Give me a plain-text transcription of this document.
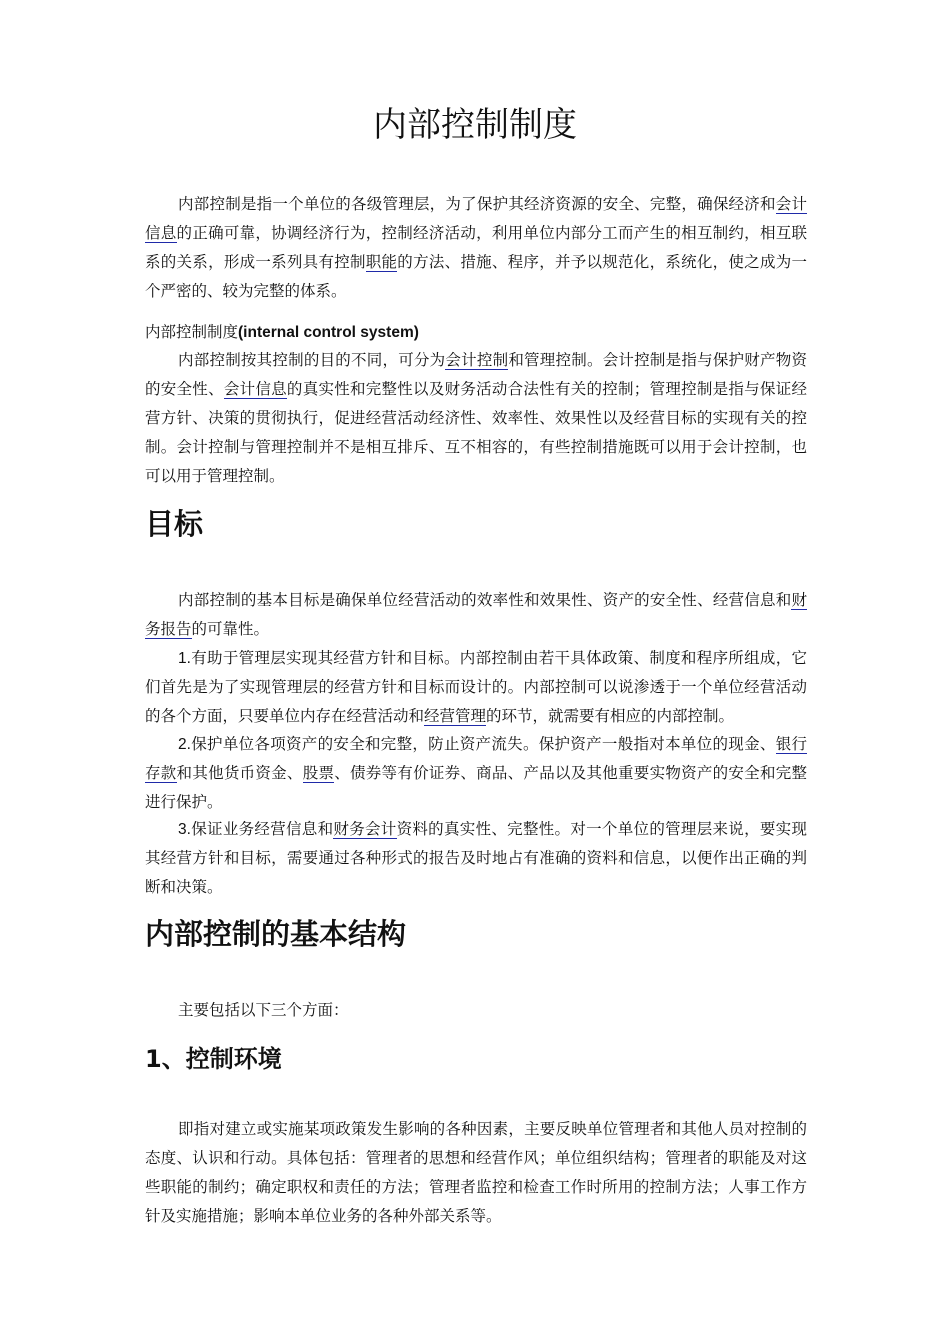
内部控制制度

内部控制是指一个单位的各级管理层，为了保护其经济资源的安全、完整，确保经济和会计信息的正确可靠，协调经济行为，控制经济活动，利用单位内部分工而产生的相互制约，相互联系的关系，形成一系列具有控制职能的方法、措施、程序，并予以规范化，系统化，使之成为一个严密的、较为完整的体系。

内部控制制度(internal control system)

内部控制按其控制的目的不同，可分为会计控制和管理控制。会计控制是指与保护财产物资的安全性、会计信息的真实性和完整性以及财务活动合法性有关的控制；管理控制是指与保证经营方针、决策的贯彻执行，促进经营活动经济性、效率性、效果性以及经营目标的实现有关的控制。会计控制与管理控制并不是相互排斥、互不相容的，有些控制措施既可以用于会计控制，也可以用于管理控制。

目标

内部控制的基本目标是确保单位经营活动的效率性和效果性、资产的安全性、经营信息和财务报告的可靠性。

1.有助于管理层实现其经营方针和目标。内部控制由若干具体政策、制度和程序所组成，它们首先是为了实现管理层的经营方针和目标而设计的。内部控制可以说渗透于一个单位经营活动的各个方面，只要单位内存在经营活动和经营管理的环节，就需要有相应的内部控制。

2.保护单位各项资产的安全和完整，防止资产流失。保护资产一般指对本单位的现金、银行存款和其他货币资金、股票、债券等有价证券、商品、产品以及其他重要实物资产的安全和完整进行保护。

3.保证业务经营信息和财务会计资料的真实性、完整性。对一个单位的管理层来说，要实现其经营方针和目标，需要通过各种形式的报告及时地占有准确的资料和信息，以便作出正确的判断和决策。

内部控制的基本结构

主要包括以下三个方面：

1、控制环境

即指对建立或实施某项政策发生影响的各种因素，主要反映单位管理者和其他人员对控制的态度、认识和行动。具体包括：管理者的思想和经营作风；单位组织结构；管理者的职能及对这些职能的制约；确定职权和责任的方法；管理者监控和检查工作时所用的控制方法；人事工作方针及实施措施；影响本单位业务的各种外部关系等。
